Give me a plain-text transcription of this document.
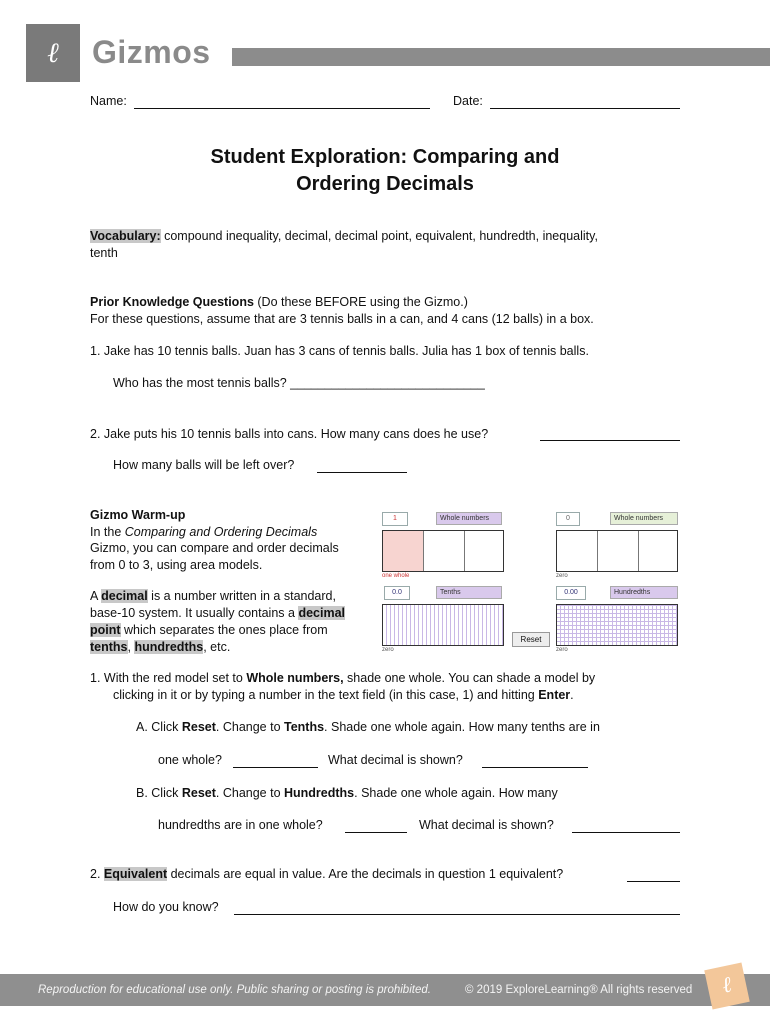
ℓ	Gizmos
Name:	Date:
Student Exploration: Comparing and
Ordering Decimals
Vocabulary: compound inequality, decimal, decimal point, equivalent, hundredth, inequality,
tenth
Prior Knowledge Questions (Do these BEFORE using the Gizmo.)
For these questions, assume that are 3 tennis balls in a can, and 4 cans (12 balls) in a box.
1. Jake has 10 tennis balls. Juan has 3 cans of tennis balls. Julia has 1 box of tennis balls.
Who has the most tennis balls? ____________________________
2. Jake puts his 10 tennis balls into cans. How many cans does he use?
How many balls will be left over?
Gizmo Warm-up
In the Comparing and Ordering Decimals
Gizmo, you can compare and order decimals
from 0 to 3, using area models.
A decimal is a number written in a standard,
base-10 system. It usually contains a decimal
point which separates the ones place from
tenths, hundredths, etc.
1	Whole numbers
one whole
0	Whole numbers
zero
0.0	Tenths
zero
Reset
0.00	Hundredths
zero
1. With the red model set to Whole numbers, shade one whole. You can shade a model by
clicking in it or by typing a number in the text field (in this case, 1) and hitting Enter.
A. Click Reset. Change to Tenths. Shade one whole again. How many tenths are in
one whole?	What decimal is shown?
B. Click Reset. Change to Hundredths. Shade one whole again. How many
hundredths are in one whole?	What decimal is shown?
2. Equivalent decimals are equal in value. Are the decimals in question 1 equivalent?
How do you know?
Reproduction for educational use only. Public sharing or posting is prohibited.	© 2019 ExploreLearning® All rights reserved	ℓ
